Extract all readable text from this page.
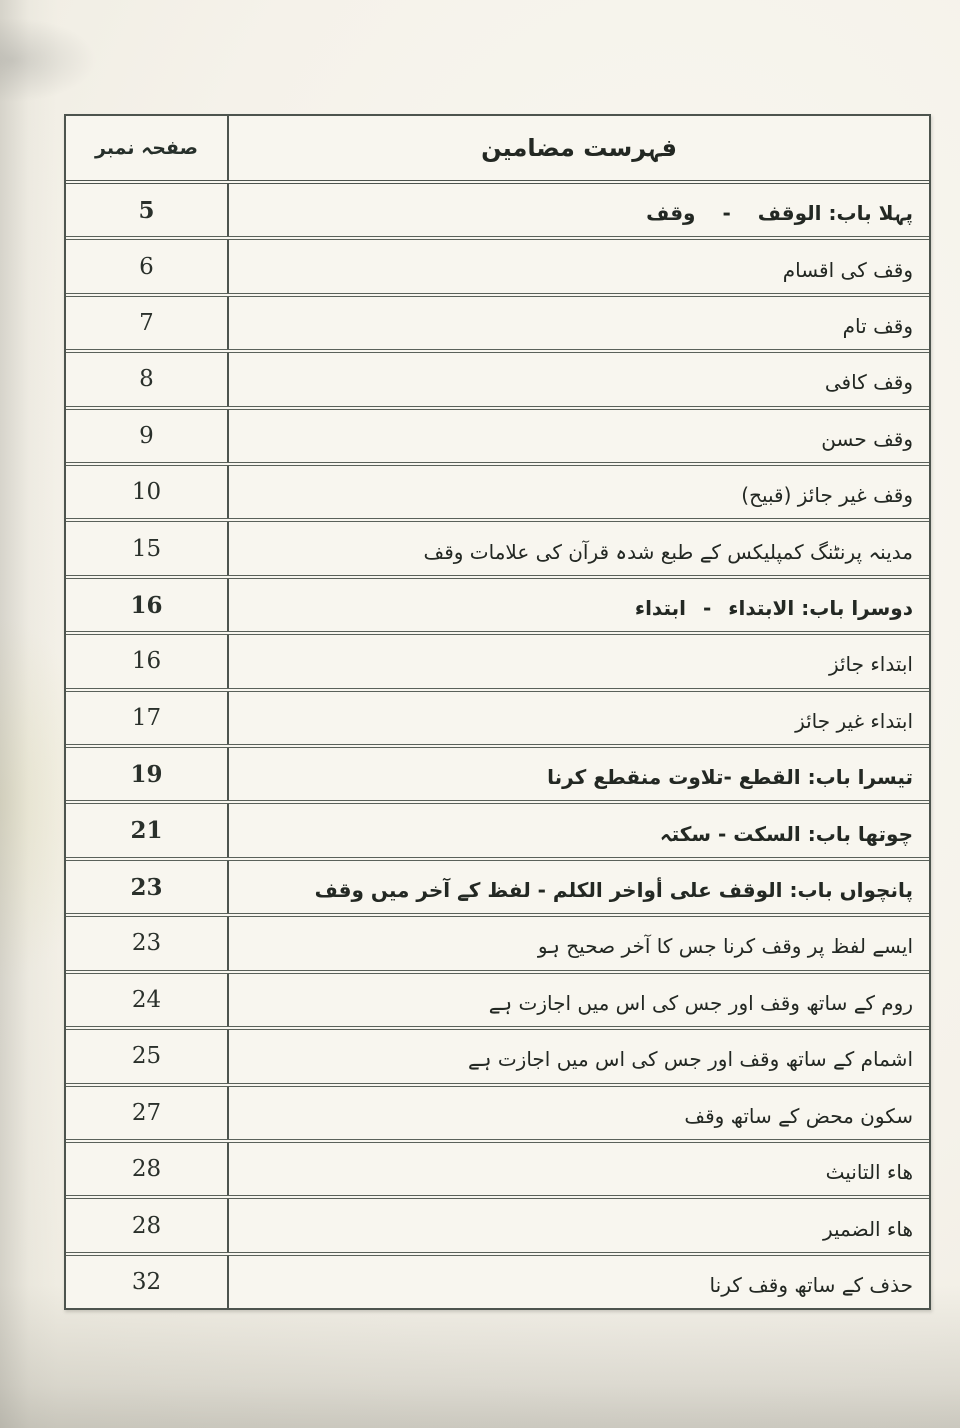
صفحہ نمبر	فہرست مضامین
5	پہلا باب: الوقف  -  وقف
6	وقف کی اقسام
7	وقف تام
8	وقف کافی
9	وقف حسن
10	وقف غیر جائز (قبیح)
15	مدینہ پرنٹنگ کمپلیکس کے طبع شدہ قرآن کی علامات وقف
16	دوسرا باب: الابتداء  -  ابتداء
16	ابتداء جائز
17	ابتداء غیر جائز
19	تیسرا باب: القطع -تلاوت منقطع کرنا
21	چوتھا باب: السکت - سکتہ
23	پانچواں باب: الوقف علی أواخر الکلم - لفظ کے آخر میں وقف
23	ایسے لفظ پر وقف کرنا جس کا آخر صحیح ہو
24	روم کے ساتھ وقف اور جس کی اس میں اجازت ہے
25	اشمام کے ساتھ وقف اور جس کی اس میں اجازت ہے
27	سکون محض کے ساتھ وقف
28	ھاء التانیث
28	ھاء الضمیر
32	حذف کے ساتھ وقف کرنا
